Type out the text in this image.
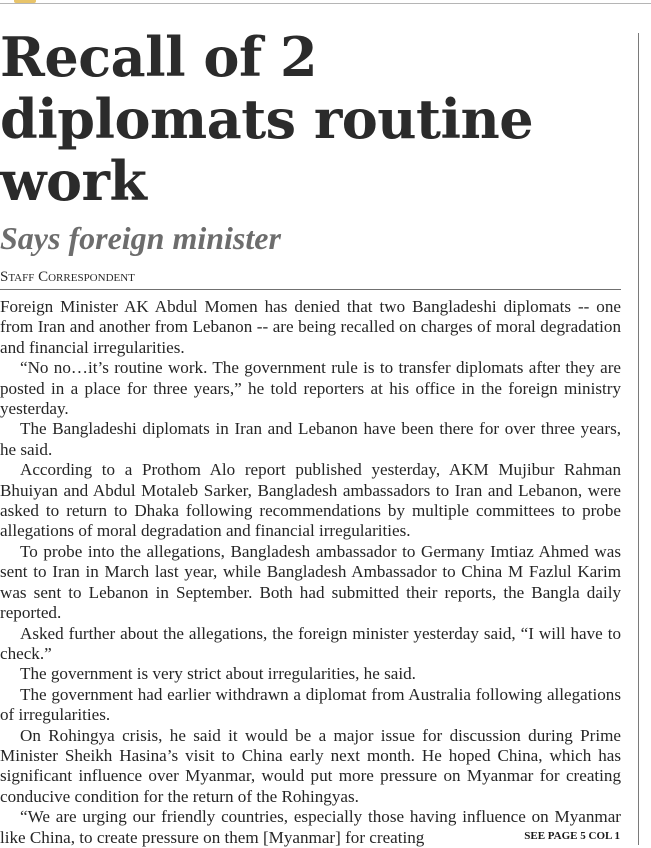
Recall of 2 diplomats routine work
Says foreign minister
Staff Correspondent

Foreign Minister AK Abdul Momen has denied that two Bangladeshi diplomats -- one from Iran and another from Lebanon -- are being recalled on charges of moral degradation and financial irregularities.

“No no…it’s routine work. The government rule is to transfer diplomats after they are posted in a place for three years,” he told reporters at his office in the foreign ministry yesterday.

The Bangladeshi diplomats in Iran and Lebanon have been there for over three years, he said.

According to a Prothom Alo report published yesterday, AKM Mujibur Rahman Bhuiyan and Abdul Motaleb Sarker, Bangladesh ambassadors to Iran and Lebanon, were asked to return to Dhaka following recommendations by multiple committees to probe allegations of moral degradation and financial irregularities.

To probe into the allegations, Bangladesh ambassador to Germany Imtiaz Ahmed was sent to Iran in March last year, while Bangladesh Ambassador to China M Fazlul Karim was sent to Lebanon in September. Both had submitted their reports, the Bangla daily reported.

Asked further about the allegations, the foreign minister yesterday said, “I will have to check.”

The government is very strict about irregularities, he said.

The government had earlier withdrawn a diplomat from Australia following allegations of irregularities.

On Rohingya crisis, he said it would be a major issue for discussion during Prime Minister Sheikh Hasina’s visit to China early next month. He hoped China, which has significant influence over Myanmar, would put more pressure on Myanmar for creating conducive condition for the return of the Rohingyas.

“We are urging our friendly countries, especially those having influence on Myanmar like China, to create pressure on them [Myanmar] for creating	SEE PAGE 5 COL 1
